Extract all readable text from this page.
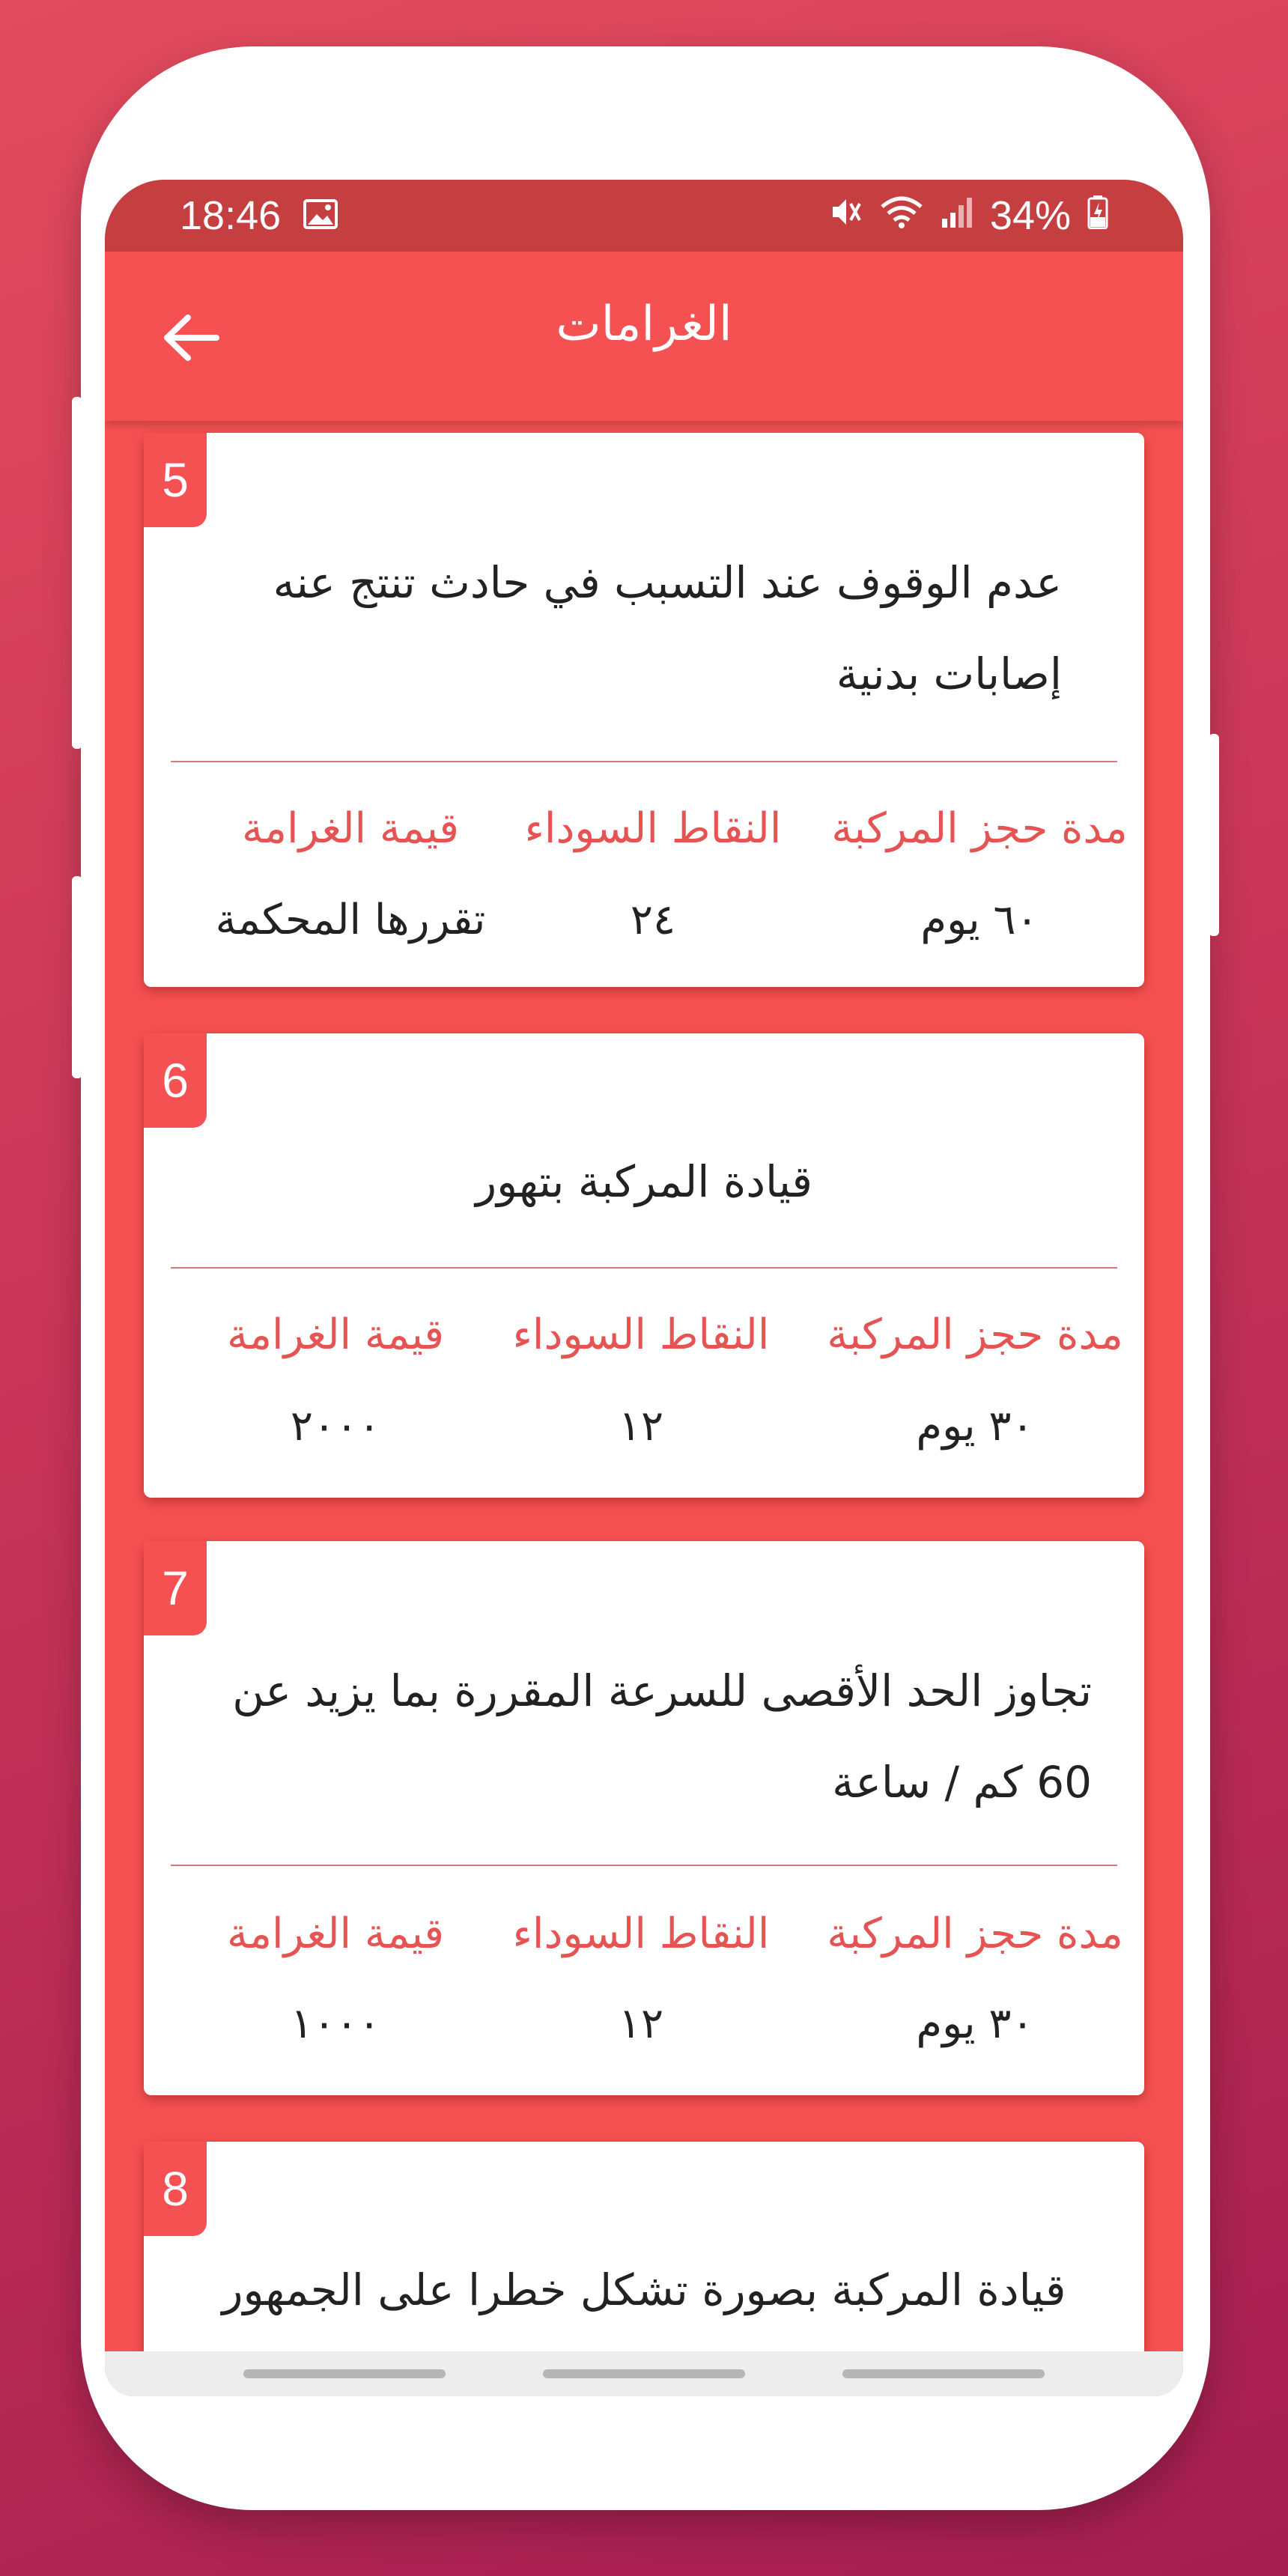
18:46	34%
الغرامات
5
عدم الوقوف عند التسبب في حادث تنتج عنه
إصابات بدنية
مدة حجز المركبة
النقاط السوداء
قيمة الغرامة
٦٠ يوم
٢٤
تقررها المحكمة
6
قيادة المركبة بتهور
مدة حجز المركبة
النقاط السوداء
قيمة الغرامة
٣٠ يوم
١٢
٢٠٠٠
7
تجاوز الحد الأقصى للسرعة المقررة بما يزيد عن
60 كم / ساعة
مدة حجز المركبة
النقاط السوداء
قيمة الغرامة
٣٠ يوم
١٢
١٠٠٠
8
قيادة المركبة بصورة تشكل خطرا على الجمهور
